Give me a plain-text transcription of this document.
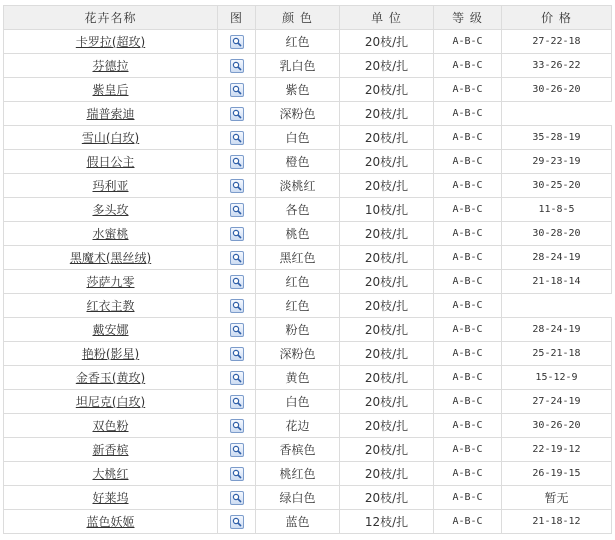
花卉名称	图	颜 色	单 位	等 级	价 格
卡罗拉(超玫)		红色	20枝/扎	A-B-C	27-22-18
芬德拉		乳白色	20枝/扎	A-B-C	33-26-22
紫皇后		紫色	20枝/扎	A-B-C	30-26-20
瑞普索迪		深粉色	20枝/扎	A-B-C	
雪山(白玫)		白色	20枝/扎	A-B-C	35-28-19
假日公主		橙色	20枝/扎	A-B-C	29-23-19
玛利亚		淡桃红	20枝/扎	A-B-C	30-25-20
多头玫		各色	10枝/扎	A-B-C	11-8-5
水蜜桃		桃色	20枝/扎	A-B-C	30-28-20
黑魔术(黑丝绒)		黑红色	20枝/扎	A-B-C	28-24-19
莎萨九零		红色	20枝/扎	A-B-C	21-18-14
红衣主教		红色	20枝/扎	A-B-C	
戴安娜		粉色	20枝/扎	A-B-C	28-24-19
艳粉(影星)		深粉色	20枝/扎	A-B-C	25-21-18
金香玉(黄玫)		黄色	20枝/扎	A-B-C	15-12-9
坦尼克(白玫)		白色	20枝/扎	A-B-C	27-24-19
双色粉		花边	20枝/扎	A-B-C	30-26-20
新香槟		香槟色	20枝/扎	A-B-C	22-19-12
大桃红		桃红色	20枝/扎	A-B-C	26-19-15
好莱坞		绿白色	20枝/扎	A-B-C	暂无
蓝色妖姬		蓝色	12枝/扎	A-B-C	21-18-12
